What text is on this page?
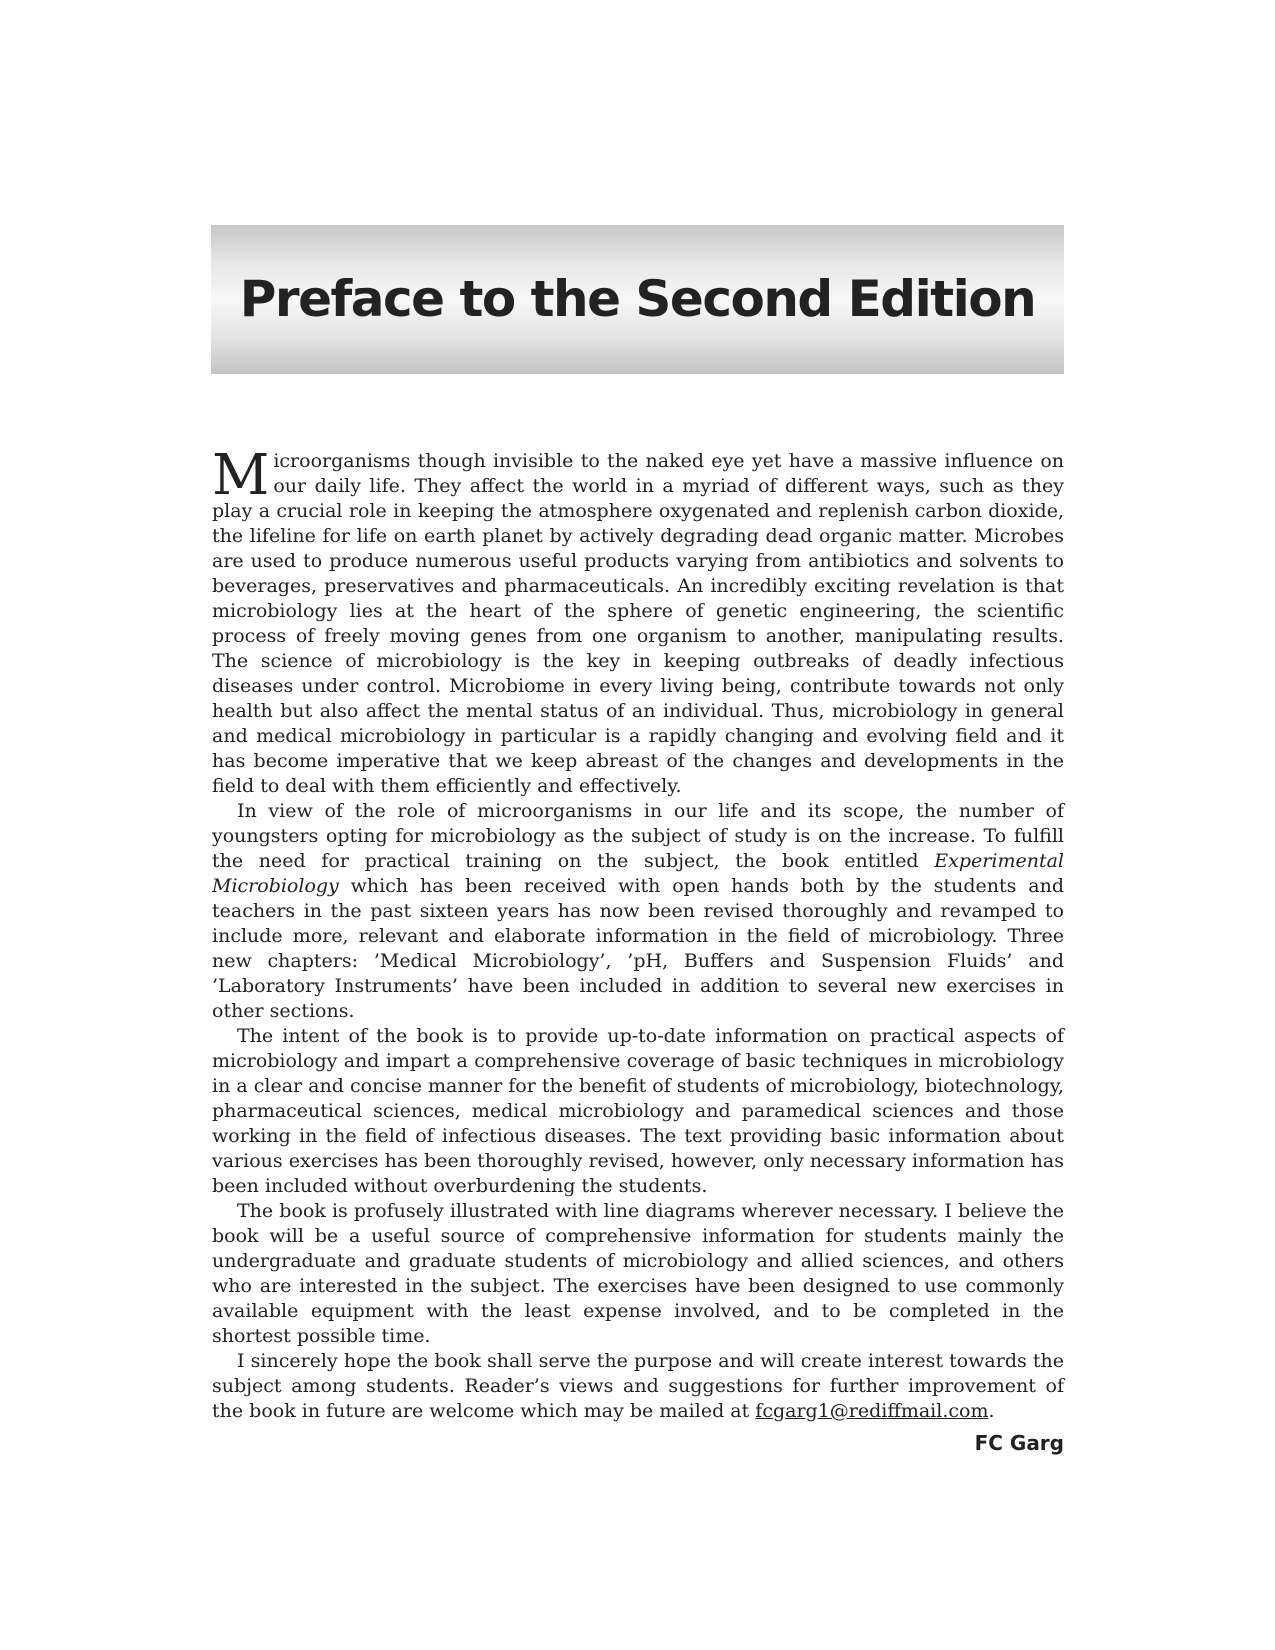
Preface to the Second Edition

Microorganisms though invisible to the naked eye yet have a massive influence on our daily life. They affect the world in a myriad of different ways, such as they play a crucial role in keeping the atmosphere oxygenated and replenish carbon dioxide, the lifeline for life on earth planet by actively degrading dead organic matter. Microbes are used to produce numerous useful products varying from antibiotics and solvents to beverages, preservatives and pharmaceuticals. An incredibly exciting revelation is that microbiology lies at the heart of the sphere of genetic engineering, the scientific process of freely moving genes from one organism to another, manipulating results. The science of microbiology is the key in keeping outbreaks of deadly infectious diseases under control. Microbiome in every living being, contribute towards not only health but also affect the mental status of an individual. Thus, microbiology in general and medical microbiology in particular is a rapidly changing and evolving field and it has become imperative that we keep abreast of the changes and developments in the field to deal with them efficiently and effectively.

In view of the role of microorganisms in our life and its scope, the number of youngsters opting for microbiology as the subject of study is on the increase. To fulfill the need for practical training on the subject, the book entitled Experimental Microbiology which has been received with open hands both by the students and teachers in the past sixteen years has now been revised thoroughly and revamped to include more, relevant and elaborate information in the field of microbiology. Three new chapters: ’Medical Microbiology’, ’pH, Buffers and Suspension Fluids’ and ’Laboratory Instruments’ have been included in addition to several new exercises in other sections.

The intent of the book is to provide up-to-date information on practical aspects of microbiology and impart a comprehensive coverage of basic techniques in microbiology in a clear and concise manner for the benefit of students of microbiology, biotechnology, pharmaceutical sciences, medical microbiology and paramedical sciences and those working in the field of infectious diseases. The text providing basic information about various exercises has been thoroughly revised, however, only necessary information has been included without overburdening the students.

The book is profusely illustrated with line diagrams wherever necessary. I believe the book will be a useful source of comprehensive information for students mainly the undergraduate and graduate students of microbiology and allied sciences, and others who are interested in the subject. The exercises have been designed to use commonly available equipment with the least expense involved, and to be completed in the shortest possible time.

I sincerely hope the book shall serve the purpose and will create interest towards the subject among students. Reader’s views and suggestions for further improvement of the book in future are welcome which may be mailed at fcgarg1@rediffmail.com.

FC Garg
